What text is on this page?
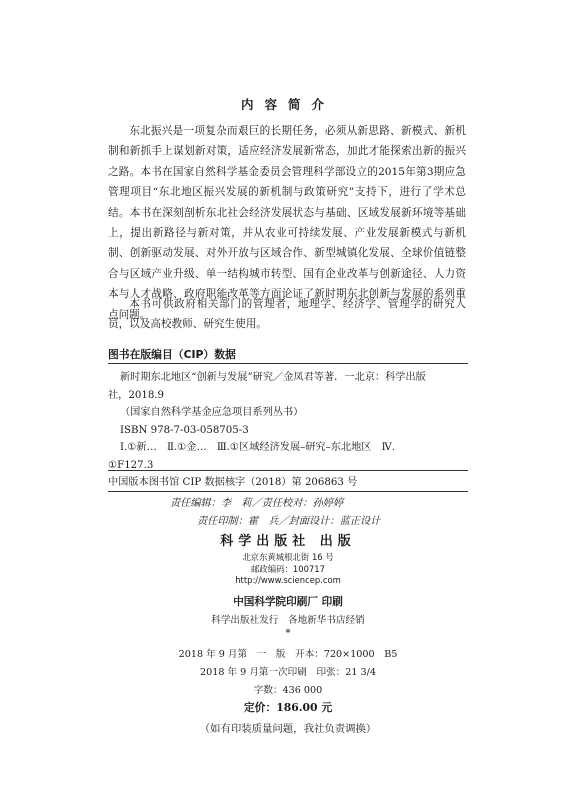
内容简介

东北振兴是一项复杂而艰巨的长期任务，必须从新思路、新模式、新机制和新抓手上谋划新对策，适应经济发展新常态，加此才能探索出新的振兴之路。本书在国家自然科学基金委员会管理科学部设立的2015年第3期应急管理项目“东北地区振兴发展的新机制与政策研究”支持下，进行了学术总结。本书在深刻剖析东北社会经济发展状态与基础、区域发展新环境等基础上，提出新路径与新对策，并从农业可持续发展、产业发展新模式与新机制、创新驱动发展、对外开放与区域合作、新型城镇化发展、全球价值链整合与区域产业升级、单一结构城市转型、国有企业改革与创新途径、人力资本与人才战略、政府职能改革等方面论证了新时期东北创新与发展的系列重点问题。

本书可供政府相关部门的管理者，地理学、经济学、管理学的研究人员，以及高校教师、研究生使用。

图书在版编目（CIP）数据
新时期东北地区“创新与发展”研究／金凤君等著．一北京：科学出版
社，2018.9
（国家自然科学基金应急项目系列丛书）
ISBN 978-7-03-058705-3
Ⅰ.①新…　Ⅱ.①金…　Ⅲ.①区域经济发展–研究–东北地区　Ⅳ.
①F127.3
中国版本图书馆 CIP 数据核字（2018）第 206863 号
责任编辑：李　莉／责任校对：孙婷婷
责任印制：霍　兵／封面设计：蓝正设计
科学出版社 出版
北京东黄城根北街 16 号
邮政编码：100717
http://www.sciencep.com
中国科学院印刷厂 印刷
科学出版社发行　各地新华书店经销
*
2018 年 9 月第　一　版　开本：720×1000　B5
2018 年 9 月第一次印刷　印张：21 3/4
字数：436 000
定价：186.00 元
（如有印装质量问题，我社负责调换）
